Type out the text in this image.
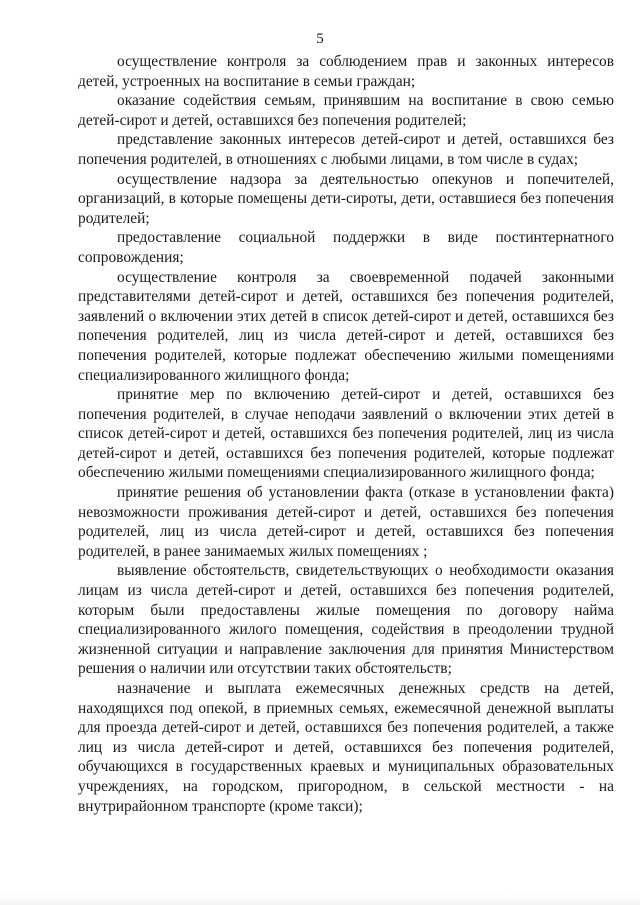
5

осуществление контроля за соблюдением прав и законных интересов детей, устроенных на воспитание в семьи граждан;

оказание содействия семьям, принявшим на воспитание в свою семью детей-сирот и детей, оставшихся без попечения родителей;

представление законных интересов детей-сирот и детей, оставшихся без попечения родителей, в отношениях с любыми лицами, в том числе в судах;

осуществление надзора за деятельностью опекунов и попечителей, организаций, в которые помещены дети-сироты, дети, оставшиеся без попечения родителей;

предоставление социальной поддержки в виде постинтернатного сопровождения;

осуществление контроля за своевременной подачей законными представителями детей-сирот и детей, оставшихся без попечения родителей, заявлений о включении этих детей в список детей-сирот и детей, оставшихся без попечения родителей, лиц из числа детей-сирот и детей, оставшихся без попечения родителей, которые подлежат обеспечению жилыми помещениями специализированного жилищного фонда;

принятие мер по включению детей-сирот и детей, оставшихся без попечения родителей, в случае неподачи заявлений о включении этих детей в список детей-сирот и детей, оставшихся без попечения родителей, лиц из числа детей-сирот и детей, оставшихся без попечения родителей, которые подлежат обеспечению жилыми помещениями специализированного жилищного фонда;

принятие решения об установлении факта (отказе в установлении факта) невозможности проживания детей-сирот и детей, оставшихся без попечения родителей, лиц из числа детей-сирот и детей, оставшихся без попечения родителей, в ранее занимаемых жилых помещениях ;

выявление обстоятельств, свидетельствующих о необходимости оказания лицам из числа детей-сирот и детей, оставшихся без попечения родителей, которым были предоставлены жилые помещения по договору найма специализированного жилого помещения, содействия в преодолении трудной жизненной ситуации и направление заключения для принятия Министерством решения о наличии или отсутствии таких обстоятельств;

назначение и выплата ежемесячных денежных средств на детей, находящихся под опекой, в приемных семьях, ежемесячной денежной выплаты для проезда детей-сирот и детей, оставшихся без попечения родителей, а также лиц из числа детей-сирот и детей, оставшихся без попечения родителей, обучающихся в государственных краевых и муниципальных образовательных учреждениях, на городском, пригородном, в сельской местности - на внутрирайонном транспорте (кроме такси);
